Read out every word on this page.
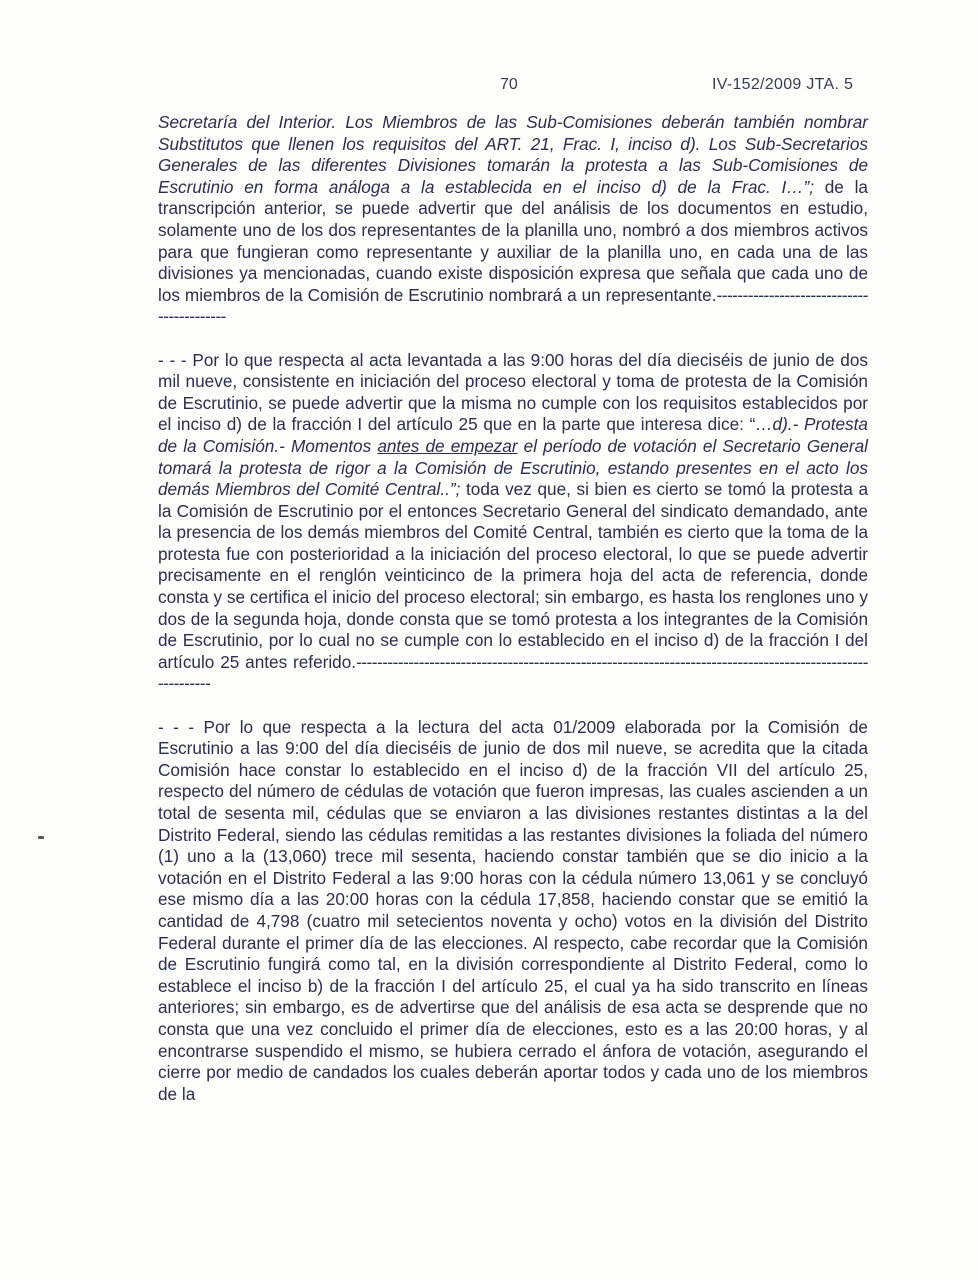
70	IV-152/2009 JTA. 5

Secretaría del Interior. Los Miembros de las Sub-Comisiones deberán también nombrar Substitutos que llenen los requisitos del ART. 21, Frac. I, inciso d). Los Sub-Secretarios Generales de las diferentes Divisiones tomarán la protesta a las Sub-Comisiones de Escrutinio en forma análoga a la establecida en el inciso d) de la Frac. I…”; de la transcripción anterior, se puede advertir que del análisis de los documentos en estudio, solamente uno de los dos representantes de la planilla uno, nombró a dos miembros activos para que fungieran como representante y auxiliar de la planilla uno, en cada una de las divisiones ya mencionadas, cuando existe disposición expresa que señala que cada uno de los miembros de la Comisión de Escrutinio nombrará a un representante.------------------------------------------

- - - Por lo que respecta al acta levantada a las 9:00 horas del día dieciséis de junio de dos mil nueve, consistente en iniciación del proceso electoral y toma de protesta de la Comisión de Escrutinio, se puede advertir que la misma no cumple con los requisitos establecidos por el inciso d) de la fracción I del artículo 25 que en la parte que interesa dice: “…d).- Protesta de la Comisión.- Momentos antes de empezar el período de votación el Secretario General tomará la protesta de rigor a la Comisión de Escrutinio, estando presentes en el acto los demás Miembros del Comité Central..”; toda vez que, si bien es cierto se tomó la protesta a la Comisión de Escrutinio por el entonces Secretario General del sindicato demandado, ante la presencia de los demás miembros del Comité Central, también es cierto que la toma de la protesta fue con posterioridad a la iniciación del proceso electoral, lo que se puede advertir precisamente en el renglón veinticinco de la primera hoja del acta de referencia, donde consta y se certifica el inicio del proceso electoral; sin embargo, es hasta los renglones uno y dos de la segunda hoja, donde consta que se tomó protesta a los integrantes de la Comisión de Escrutinio, por lo cual no se cumple con lo establecido en el inciso d) de la fracción I del artículo 25 antes referido.------------------------------------------------------------------------------------------------------------

- - - Por lo que respecta a la lectura del acta 01/2009 elaborada por la Comisión de Escrutinio a las 9:00 del día dieciséis de junio de dos mil nueve, se acredita que la citada Comisión hace constar lo establecido en el inciso d) de la fracción VII del artículo 25, respecto del número de cédulas de votación que fueron impresas, las cuales ascienden a un total de sesenta mil, cédulas que se enviaron a las divisiones restantes distintas a la del Distrito Federal, siendo las cédulas remitidas a las restantes divisiones la foliada del número (1) uno a la (13,060) trece mil sesenta, haciendo constar también que se dio inicio a la votación en el Distrito Federal a las 9:00 horas con la cédula número 13,061 y se concluyó ese mismo día a las 20:00 horas con la cédula 17,858, haciendo constar que se emitió la cantidad de 4,798 (cuatro mil setecientos noventa y ocho) votos en la división del Distrito Federal durante el primer día de las elecciones. Al respecto, cabe recordar que la Comisión de Escrutinio fungirá como tal, en la división correspondiente al Distrito Federal, como lo establece el inciso b) de la fracción I del artículo 25, el cual ya ha sido transcrito en líneas anteriores; sin embargo, es de advertirse que del análisis de esa acta se desprende que no consta que una vez concluido el primer día de elecciones, esto es a las 20:00 horas, y al encontrarse suspendido el mismo, se hubiera cerrado el ánfora de votación, asegurando el cierre por medio de candados los cuales deberán aportar todos y cada uno de los miembros de la
